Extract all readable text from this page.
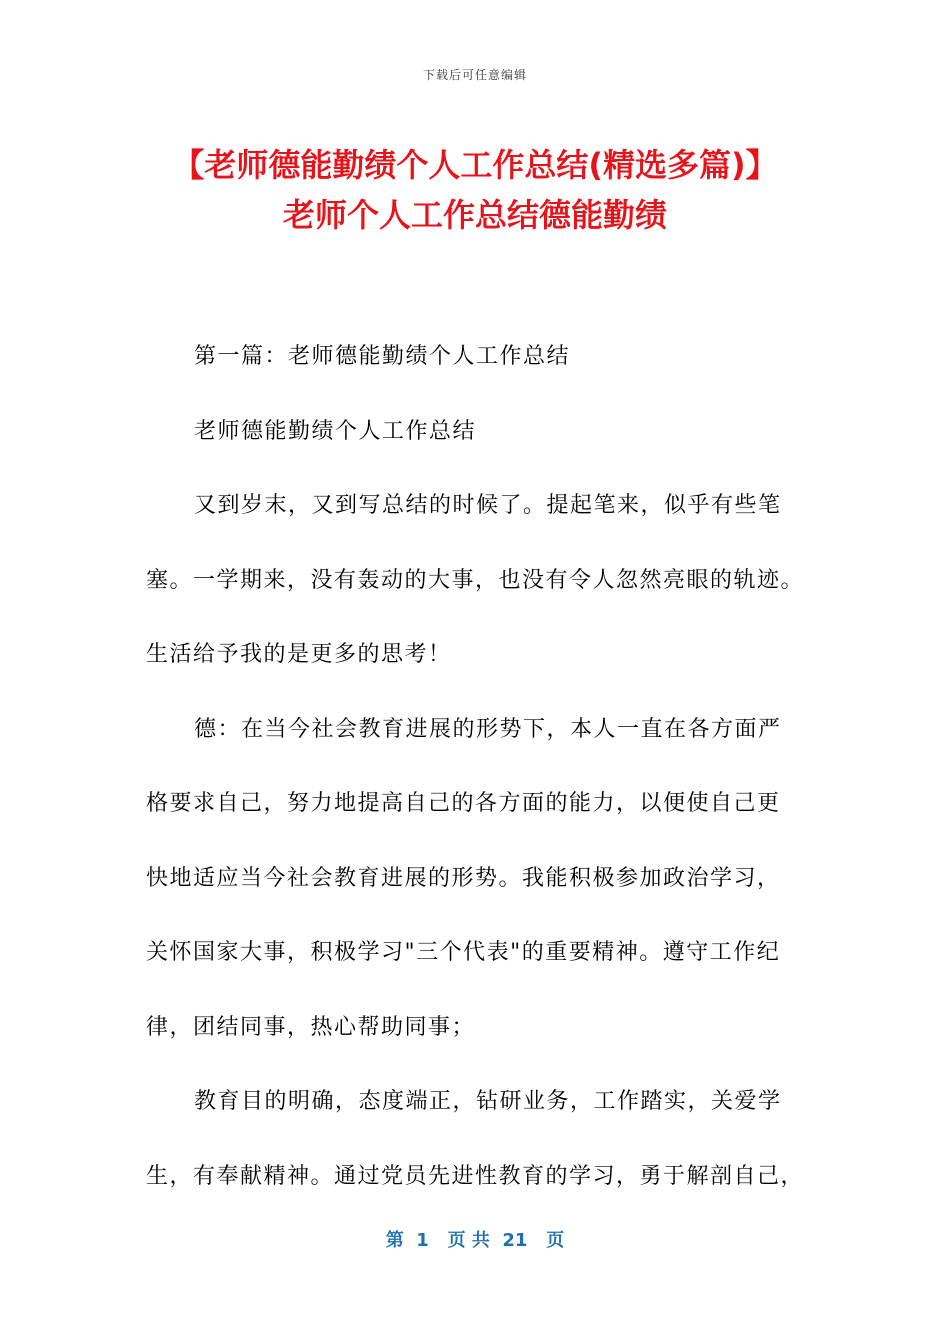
下载后可任意编辑
【老师德能勤绩个人工作总结(精选多篇)】
老师个人工作总结德能勤绩
第一篇：老师德能勤绩个人工作总结
老师德能勤绩个人工作总结
又到岁末，又到写总结的时候了。提起笔来，似乎有些笔
塞。一学期来，没有轰动的大事，也没有令人忽然亮眼的轨迹。
生活给予我的是更多的思考！
德：在当今社会教育进展的形势下，本人一直在各方面严
格要求自己，努力地提高自己的各方面的能力，以便使自己更
快地适应当今社会教育进展的形势。我能积极参加政治学习，
关怀国家大事，积极学习"三个代表"的重要精神。遵守工作纪
律，团结同事，热心帮助同事；
教育目的明确，态度端正，钻研业务，工作踏实，关爱学
生，有奉献精神。通过党员先进性教育的学习，勇于解剖自己，
第  1   页 共  21   页
